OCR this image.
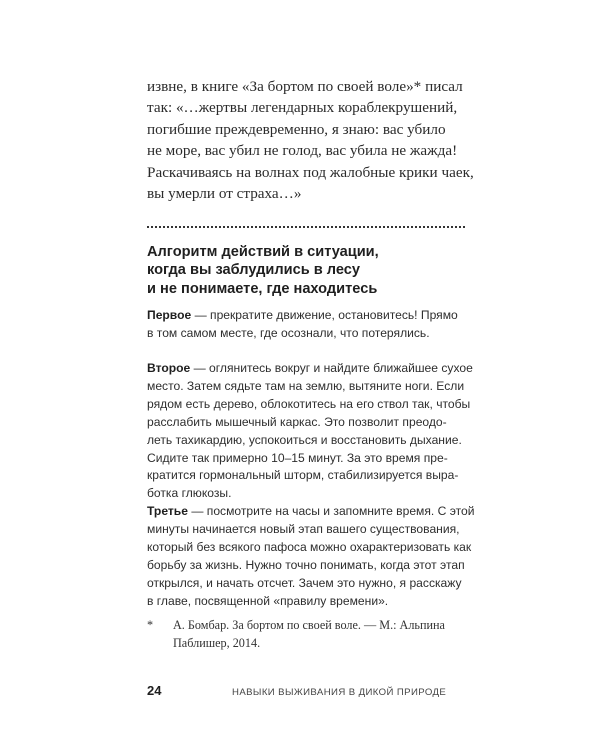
извне, в книге «За бортом по своей воле»* писал
так: «…жертвы легендарных кораблекрушений,
погибшие преждевременно, я знаю: вас убило
не море, вас убил не голод, вас убила не жажда!
Раскачиваясь на волнах под жалобные крики чаек,
вы умерли от страха…»

Алгоритм действий в ситуации,
когда вы заблудились в лесу
и не понимаете, где находитесь

Первое — прекратите движение, остановитесь! Прямо
в том самом месте, где осознали, что потерялись.

Второе — оглянитесь вокруг и найдите ближайшее сухое
место. Затем сядьте там на землю, вытяните ноги. Если
рядом есть дерево, облокотитесь на его ствол так, чтобы
расслабить мышечный каркас. Это позволит преодо-
леть тахикардию, успокоиться и восстановить дыхание.
Сидите так примерно 10–15 минут. За это время пре-
кратится гормональный шторм, стабилизируется выра-
ботка глюкозы.

Третье — посмотрите на часы и запомните время. С этой
минуты начинается новый этап вашего существования,
который без всякого пафоса можно охарактеризовать как
борьбу за жизнь. Нужно точно понимать, когда этот этап
открылся, и начать отсчет. Зачем это нужно, я расскажу
в главе, посвященной «правилу времени».

*	А. Бомбар. За бортом по своей воле. — М.: Альпина
Паблишер, 2014.
24	НАВЫКИ ВЫЖИВАНИЯ В ДИКОЙ ПРИРОДЕ
